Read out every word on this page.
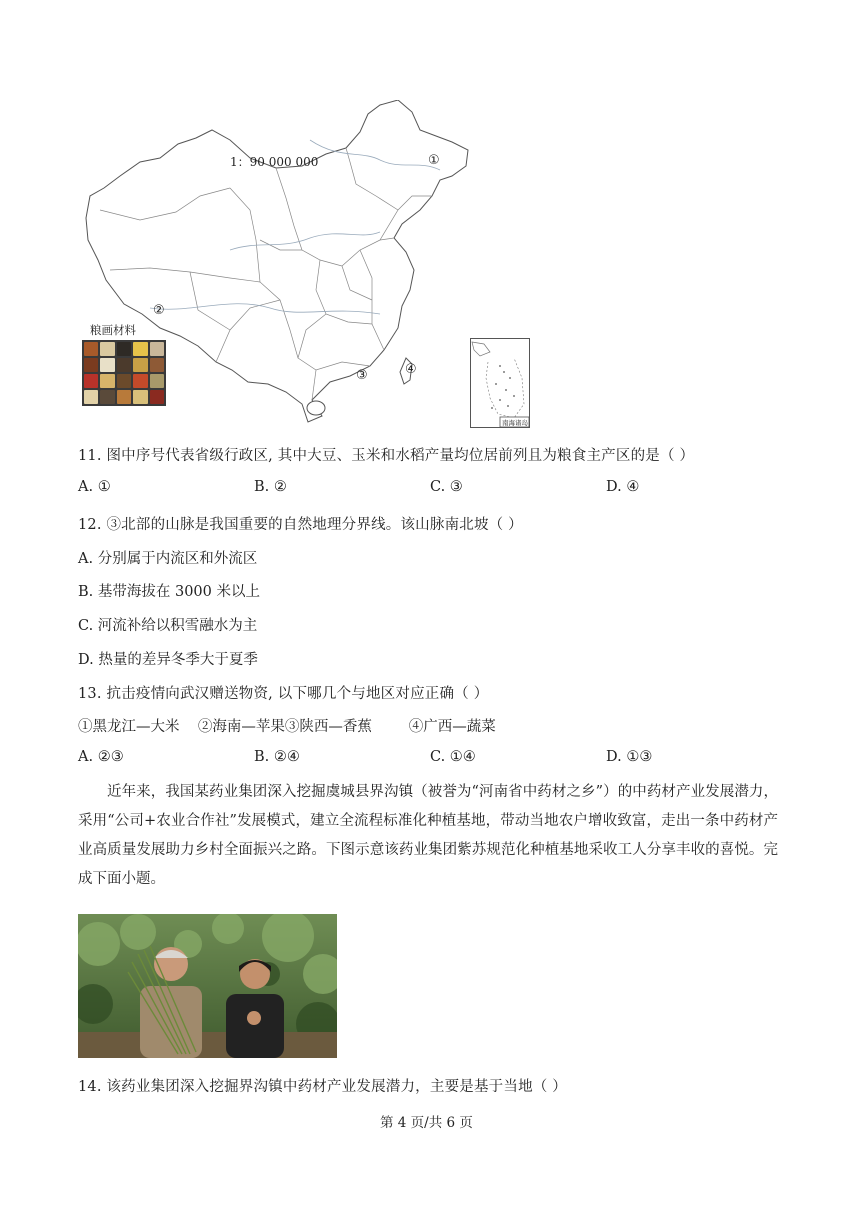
1：90 000 000	①
②
③	④
南海诸岛
粮画材料
11. 图中序号代表省级行政区, 其中大豆、玉米和水稻产量均位居前列且为粮食主产区的是（ ）
A. ①	B. ②	C. ③	D. ④
12. ③北部的山脉是我国重要的自然地理分界线。该山脉南北坡（ ）
A. 分别属于内流区和外流区
B. 基带海拔在 3000 米以上
C. 河流补给以积雪融水为主
D. 热量的差异冬季大于夏季
13. 抗击疫情向武汉赠送物资, 以下哪几个与地区对应正确（ ）
①黑龙江—大米    ②海南—苹果③陕西—香蕉        ④广西—蔬菜
A. ②③	B. ②④	C. ①④	D. ①③

近年来，我国某药业集团深入挖掘虞城县界沟镇（被誉为“河南省中药材之乡”）的中药材产业发展潜力，采用“公司+农业合作社”发展模式，建立全流程标准化种植基地，带动当地农户增收致富，走出一条中药材产业高质量发展助力乡村全面振兴之路。下图示意该药业集团紫苏规范化种植基地采收工人分享丰收的喜悦。完成下面小题。

14. 该药业集团深入挖掘界沟镇中药材产业发展潜力，主要是基于当地（ ）
第 4 页/共 6 页
